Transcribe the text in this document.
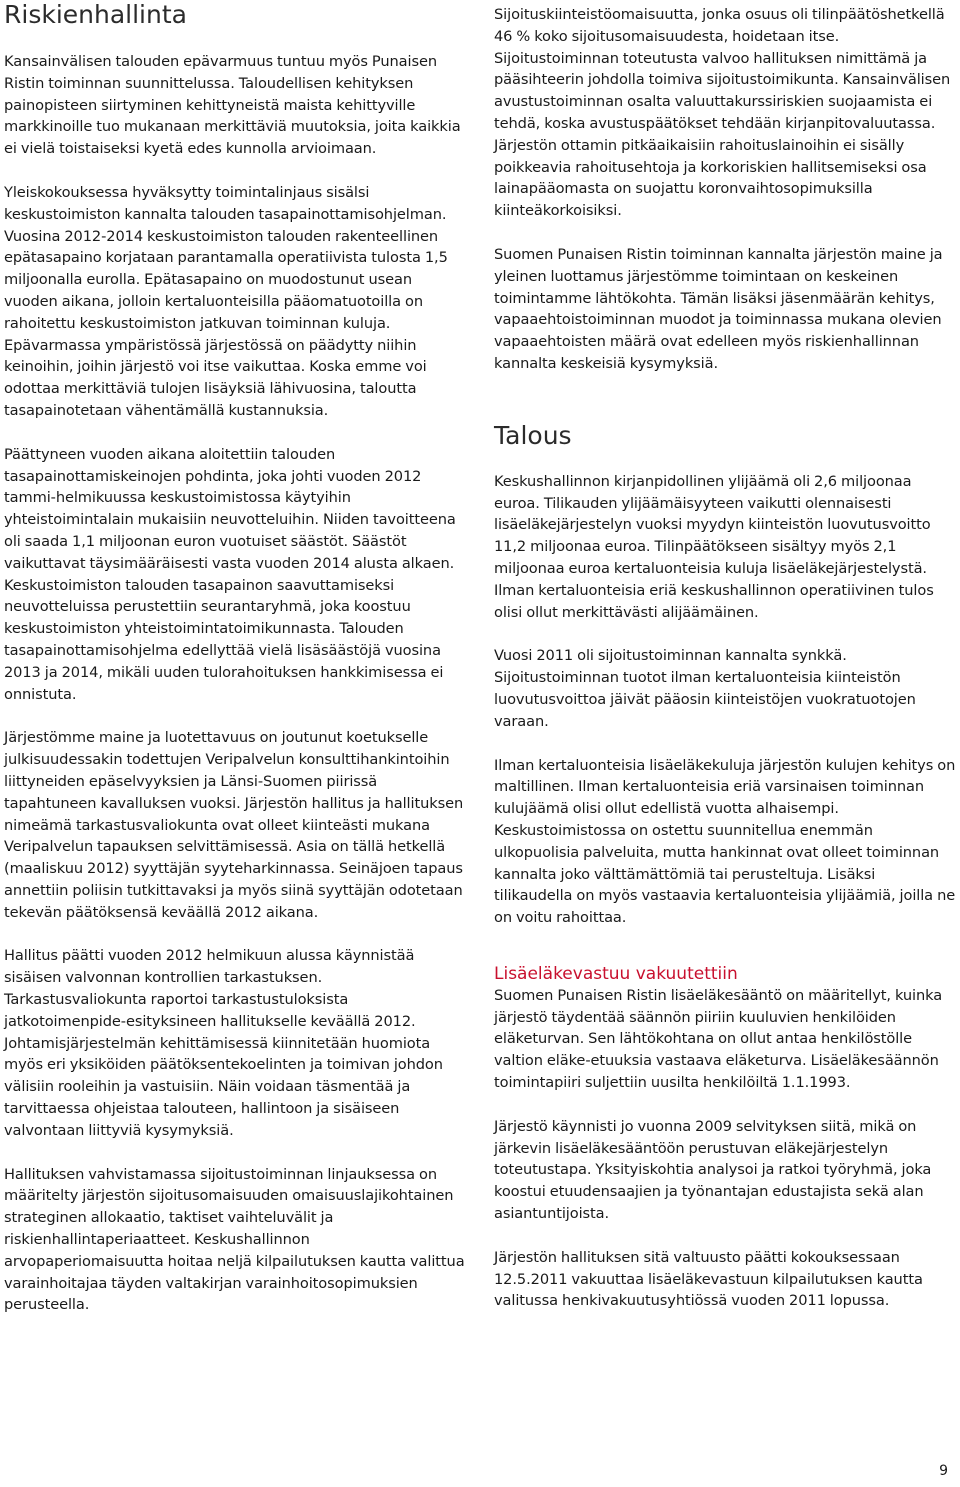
Riskienhallinta

Kansainvälisen talouden epävarmuus tuntuu myös Punaisen Ristin toiminnan suunnittelussa. Taloudellisen kehityksen painopisteen siirtyminen kehittyneistä maista kehittyville markkinoille tuo mukanaan merkittäviä muutoksia, joita kaikkia ei vielä toistaiseksi kyetä edes kunnolla arvioimaan.

Yleiskokouksessa hyväksytty toimintalinjaus sisälsi keskustoimiston kannalta talouden tasapainottamisohjelman. Vuosina 2012-2014 keskustoimiston talouden rakenteellinen epätasapaino korjataan parantamalla operatiivista tulosta 1,5 miljoonalla eurolla. Epätasapaino on muodostunut usean vuoden aikana, jolloin kertaluonteisilla pääomatuotoilla on rahoitettu keskustoimiston jatkuvan toiminnan kuluja. Epävarmassa ympäristössä järjestössä on päädytty niihin keinoihin, joihin järjestö voi itse vaikuttaa. Koska emme voi odottaa merkittäviä tulojen lisäyksiä lähivuosina, taloutta tasapainotetaan vähentämällä kustannuksia.

Päättyneen vuoden aikana aloitettiin talouden tasapainottamiskeinojen pohdinta, joka johti vuoden 2012 tammi-helmikuussa keskustoimistossa käytyihin yhteistoimintalain mukaisiin neuvotteluihin. Niiden tavoitteena oli saada 1,1 miljoonan euron vuotuiset säästöt. Säästöt vaikuttavat täysimääräisesti vasta vuoden 2014 alusta alkaen. Keskustoimiston talouden tasapainon saavuttamiseksi neuvotteluissa perustettiin seurantaryhmä, joka koostuu keskustoimiston yhteistoimintatoimikunnasta. Talouden tasapainottamisohjelma edellyttää vielä lisäsäästöjä vuosina 2013 ja 2014, mikäli uuden tulorahoituksen hankkimisessa ei onnistuta.

Järjestömme maine ja luotettavuus on joutunut koetukselle julkisuudessakin todettujen Veripalvelun konsulttihankintoihin liittyneiden epäselvyyksien ja Länsi-Suomen piirissä tapahtuneen kavalluksen vuoksi. Järjestön hallitus ja hallituksen nimeämä tarkastusvaliokunta ovat olleet kiinteästi mukana Veripalvelun tapauksen selvittämisessä. Asia on tällä hetkellä (maaliskuu 2012) syyttäjän syyteharkinnassa. Seinäjoen tapaus annettiin poliisin tutkittavaksi ja myös siinä syyttäjän odotetaan tekevän päätöksensä keväällä 2012 aikana.

Hallitus päätti vuoden 2012 helmikuun alussa käynnistää sisäisen valvonnan kontrollien tarkastuksen. Tarkastusvaliokunta raportoi tarkastustuloksista jatkotoimenpide-esityksineen hallitukselle keväällä 2012. Johtamisjärjestelmän kehittämisessä kiinnitetään huomiota myös eri yksiköiden päätöksentekoelinten ja toimivan johdon välisiin rooleihin ja vastuisiin. Näin voidaan täsmentää ja tarvittaessa ohjeistaa talouteen, hallintoon ja sisäiseen valvontaan liittyviä kysymyksiä.

Hallituksen vahvistamassa sijoitustoiminnan linjauksessa on määritelty järjestön sijoitusomaisuuden omaisuuslajikohtainen strateginen allokaatio, taktiset vaihteluvälit ja riskienhallintaperiaatteet. Keskushallinnon arvopaperiomaisuutta hoitaa neljä kilpailutuksen kautta valittua varainhoitajaa täyden valtakirjan varainhoitosopimuksien perusteella.

Sijoituskiinteistöomaisuutta, jonka osuus oli tilinpäätöshetkellä 46 % koko sijoitusomaisuudesta, hoidetaan itse. Sijoitustoiminnan toteutusta valvoo hallituksen nimittämä ja pääsihteerin johdolla toimiva sijoitustoimikunta. Kansainvälisen avustustoiminnan osalta valuuttakurssiriskien suojaamista ei tehdä, koska avustuspäätökset tehdään kirjanpitovaluutassa. Järjestön ottamin pitkäaikaisiin rahoituslainoihin ei sisälly poikkeavia rahoitusehtoja ja korkoriskien hallitsemiseksi osa lainapääomasta on suojattu koronvaihtosopimuksilla kiinteäkorkoisiksi.

Suomen Punaisen Ristin toiminnan kannalta järjestön maine ja yleinen luottamus järjestömme toimintaan on keskeinen toimintamme lähtökohta. Tämän lisäksi jäsenmäärän kehitys, vapaaehtoistoiminnan muodot ja toiminnassa mukana olevien vapaaehtoisten määrä ovat edelleen myös riskienhallinnan kannalta keskeisiä kysymyksiä.

Talous

Keskushallinnon kirjanpidollinen ylijäämä oli 2,6 miljoonaa euroa. Tilikauden ylijäämäisyyteen vaikutti olennaisesti lisäeläkejärjestelyn vuoksi myydyn kiinteistön luovutusvoitto 11,2 miljoonaa euroa. Tilinpäätökseen sisältyy myös 2,1 miljoonaa euroa kertaluonteisia kuluja lisäeläkejärjestelystä. Ilman kertaluonteisia eriä keskushallinnon operatiivinen tulos olisi ollut merkittävästi alijäämäinen.

Vuosi 2011 oli sijoitustoiminnan kannalta synkkä. Sijoitustoiminnan tuotot ilman kertaluonteisia kiinteistön luovutusvoittoa jäivät pääosin kiinteistöjen vuokratuotojen varaan.

Ilman kertaluonteisia lisäeläkekuluja järjestön kulujen kehitys on maltillinen. Ilman kertaluonteisia eriä varsinaisen toiminnan kulujäämä olisi ollut edellistä vuotta alhaisempi. Keskustoimistossa on ostettu suunnitellua enemmän ulkopuolisia palveluita, mutta hankinnat ovat olleet toiminnan kannalta joko välttämättömiä tai perusteltuja. Lisäksi tilikaudella on myös vastaavia kertaluonteisia ylijäämiä, joilla ne on voitu rahoittaa.

Lisäeläkevastuu vakuutettiin

Suomen Punaisen Ristin lisäeläkesääntö on määritellyt, kuinka järjestö täydentää säännön piiriin kuuluvien henkilöiden eläketurvan. Sen lähtökohtana on ollut antaa henkilöstölle valtion eläke-etuuksia vastaava eläketurva. Lisäeläkesäännön toimintapiiri suljettiin uusilta henkilöiltä 1.1.1993.

Järjestö käynnisti jo vuonna 2009 selvityksen siitä, mikä on järkevin lisäeläkesääntöön perustuvan eläkejärjestelyn toteutustapa. Yksityiskohtia analysoi ja ratkoi työryhmä, joka koostui etuudensaajien ja työnantajan edustajista sekä alan asiantuntijoista.

Järjestön hallituksen sitä valtuusto päätti kokouksessaan 12.5.2011 vakuuttaa lisäeläkevastuun kilpailutuksen kautta valitussa henkivakuutusyhtiössä vuoden 2011 lopussa.

9
